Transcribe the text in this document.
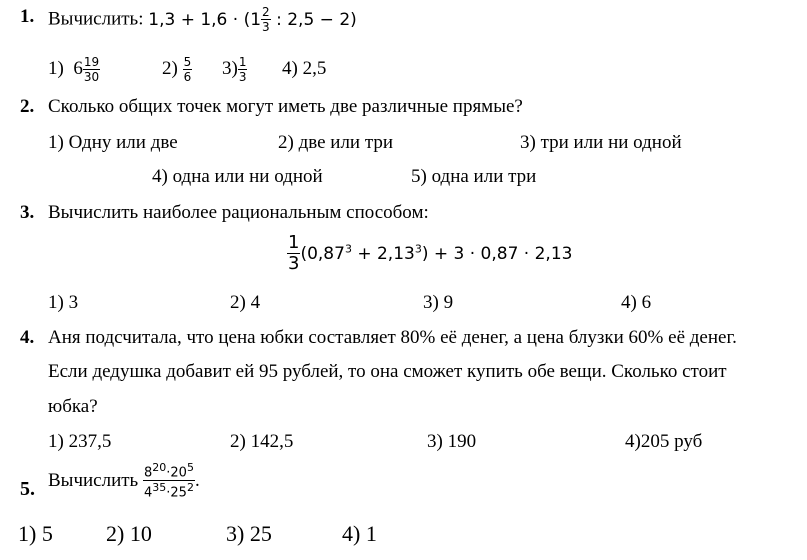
1. Вычислить: $1,3 + 1,6 \cdot (1 \frac{2}{3}$ : 2,5 − 2)
1) $6 \frac{19}{30}$	$2) \frac{5}{6} 3) \frac{1}{3} 4$) 2,5
2. Сколько общих точек могут иметь две различные прямые?
1) Одну или две	2) две или три	3) три или ни одной
4) одна или ни одной	5) одна или три
3. Вычислить наиболее рациональным способом:
$\frac{1}{3} (0,87^3 + 2,13^3) + 3 \cdot 0,87 \cdot 2,13$
1) 3	2) 4	3) 9	4) 6
4. Аня подсчитала, что цена юбки составляет 80% её денег, а цена блузки 60% её денег.
Если дедушка добавит ей 95 рублей, то она сможет купить обе вещи. Сколько стоит
юбка?
1) 237,5	2) 142,5	3) 190	4)205 руб
5. Вычислить $\frac{8^{20}\cdot 20^5}{4^{35}\cdot 25^2}$ .
1) 5 2) 10	3) 25	4) 1
